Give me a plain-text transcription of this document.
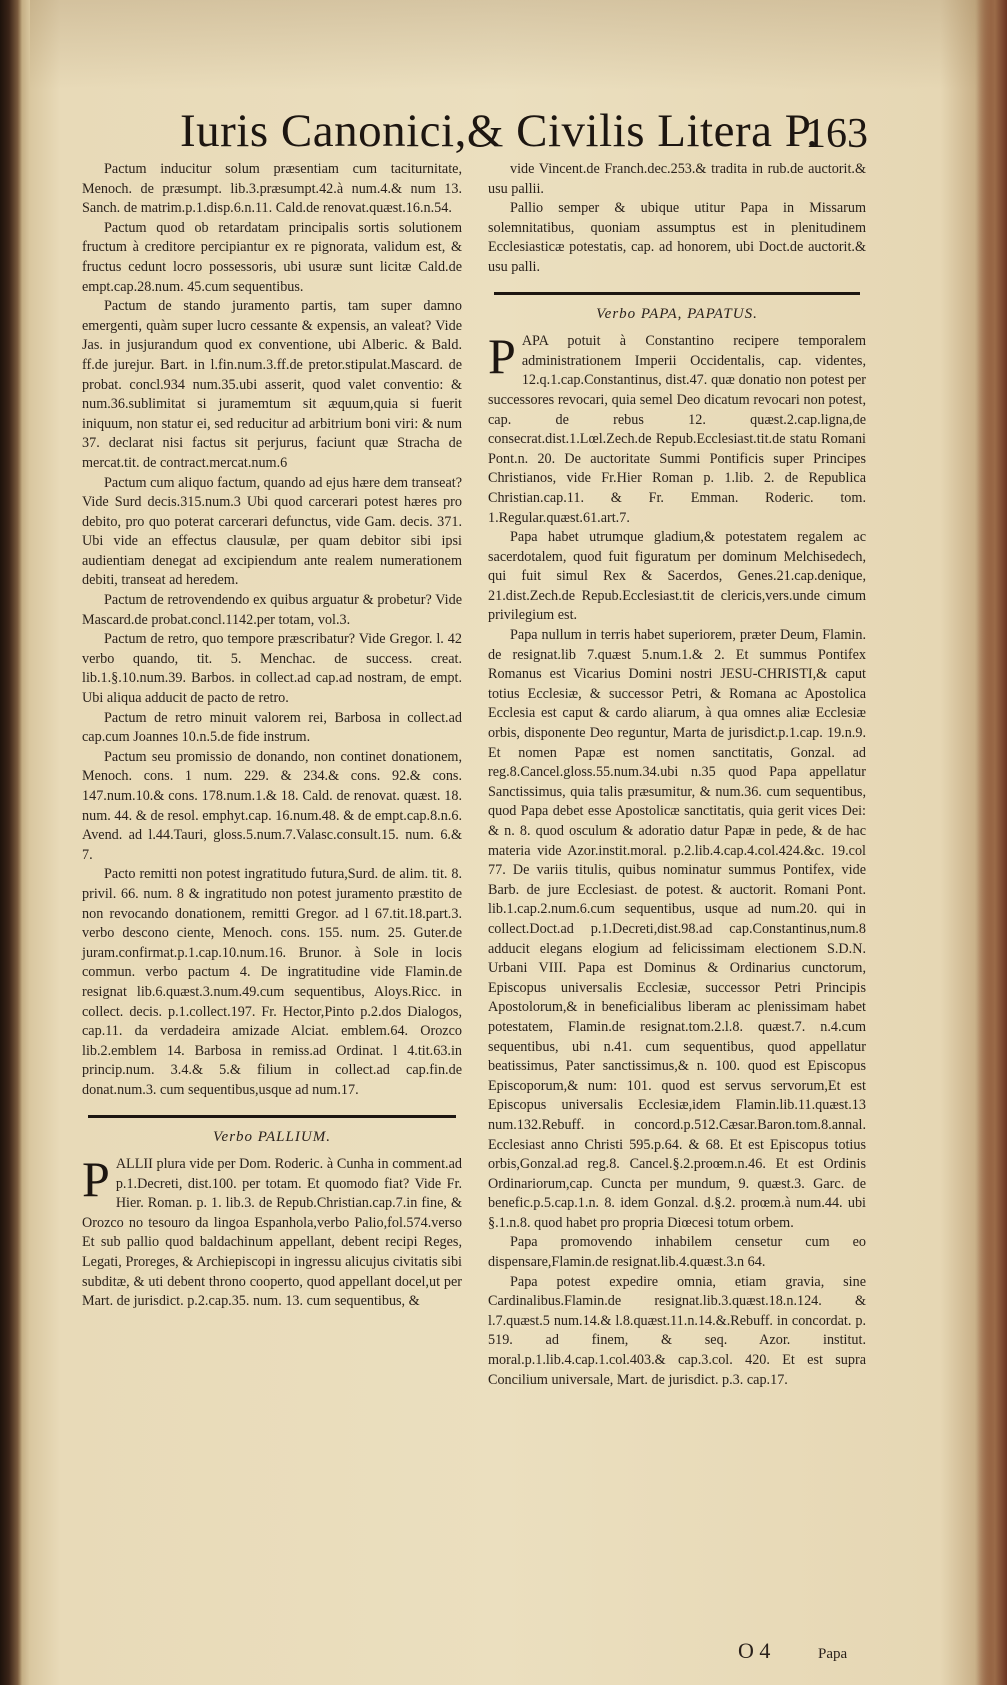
Iuris Canonici,& Civilis Litera P.
163

Pactum inducitur solum præsentiam cum taciturnitate, Menoch. de præsumpt. lib.3.præsumpt.42.à num.4.& num 13. Sanch. de matrim.p.1.disp.6.n.11. Cald.de renovat.quæst.16.n.54.

Pactum quod ob retardatam principalis sortis solutionem fructum à creditore percipiantur ex re pignorata, validum est, & fructus cedunt locro possessoris, ubi usuræ sunt licitæ Cald.de empt.cap.28.num. 45.cum sequentibus.

Pactum de stando juramento partis, tam super damno emergenti, quàm super lucro cessante & expensis, an valeat? Vide Jas. in jusjurandum quod ex conventione, ubi Alberic. & Bald. ff.de jurejur. Bart. in l.fin.num.3.ff.de pretor.stipulat.Mascard. de probat. concl.934 num.35.ubi asserit, quod valet conventio: & num.36.sublimitat si juramemtum sit æquum,quia si fuerit iniquum, non statur ei, sed reducitur ad arbitrium boni viri: & num 37. declarat nisi factus sit perjurus, faciunt quæ Stracha de mercat.tit. de contract.mercat.num.6

Pactum cum aliquo factum, quando ad ejus hære dem transeat? Vide Surd decis.315.num.3 Ubi quod carcerari potest hæres pro debito, pro quo poterat carcerari defunctus, vide Gam. decis. 371. Ubi vide an effectus clausulæ, per quam debitor sibi ipsi audientiam denegat ad excipiendum ante realem numerationem debiti, transeat ad heredem.

Pactum de retrovendendo ex quibus arguatur & probetur? Vide Mascard.de probat.concl.1142.per totam, vol.3.

Pactum de retro, quo tempore præscribatur? Vide Gregor. l. 42 verbo quando, tit. 5. Menchac. de success. creat. lib.1.§.10.num.39. Barbos. in collect.ad cap.ad nostram, de empt. Ubi aliqua adducit de pacto de retro.

Pactum de retro minuit valorem rei, Barbosa in collect.ad cap.cum Joannes 10.n.5.de fide instrum.

Pactum seu promissio de donando, non continet donationem, Menoch. cons. 1 num. 229. & 234.& cons. 92.& cons. 147.num.10.& cons. 178.num.1.& 18. Cald. de renovat. quæst. 18. num. 44. & de resol. emphyt.cap. 16.num.48. & de empt.cap.8.n.6. Avend. ad l.44.Tauri, gloss.5.num.7.Valasc.consult.15. num. 6.& 7.

Pacto remitti non potest ingratitudo futura,Surd. de alim. tit. 8. privil. 66. num. 8 & ingratitudo non potest juramento præstito de non revocando donationem, remitti Gregor. ad l 67.tit.18.part.3. verbo descono ciente, Menoch. cons. 155. num. 25. Guter.de juram.confirmat.p.1.cap.10.num.16. Brunor. à Sole in locis commun. verbo pactum 4. De ingratitudine vide Flamin.de resignat lib.6.quæst.3.num.49.cum sequentibus, Aloys.Ricc. in collect. decis. p.1.collect.197. Fr. Hector,Pinto p.2.dos Dialogos, cap.11. da verdadeira amizade Alciat. emblem.64. Orozco lib.2.emblem 14. Barbosa in remiss.ad Ordinat. l 4.tit.63.in princip.num. 3.4.& 5.& filium in collect.ad cap.fin.de donat.num.3. cum sequentibus,usque ad num.17.

Verbo PALLIUM.

PALLII plura vide per Dom. Roderic. à Cunha in comment.ad p.1.Decreti, dist.100. per totam. Et quomodo fiat? Vide Fr. Hier. Roman. p. 1. lib.3. de Repub.Christian.cap.7.in fine, & Orozco no tesouro da lingoa Espanhola,verbo Palio,fol.574.verso Et sub pallio quod baldachinum appellant, debent recipi Reges, Legati, Proreges, & Archiepiscopi in ingressu alicujus civitatis sibi subditæ, & uti debent throno cooperto, quod appellant docel,ut per Mart. de jurisdict. p.2.cap.35. num. 13. cum sequentibus, &

vide Vincent.de Franch.dec.253.& tradita in rub.de auctorit.& usu pallii.

Pallio semper & ubique utitur Papa in Missarum solemnitatibus, quoniam assumptus est in plenitudinem Ecclesiasticæ potestatis, cap. ad honorem, ubi Doct.de auctorit.& usu palli.

Verbo PAPA, PAPATUS.

PAPA potuit à Constantino recipere temporalem administrationem Imperii Occidentalis, cap. videntes, 12.q.1.cap.Constantinus, dist.47. quæ donatio non potest per successores revocari, quia semel Deo dicatum revocari non potest, cap. de rebus 12. quæst.2.cap.ligna,de consecrat.dist.1.Lœl.Zech.de Repub.Ecclesiast.tit.de statu Romani Pont.n. 20. De auctoritate Summi Pontificis super Principes Christianos, vide Fr.Hier Roman p. 1.lib. 2. de Republica Christian.cap.11. & Fr. Emman. Roderic. tom. 1.Regular.quæst.61.art.7.

Papa habet utrumque gladium,& potestatem regalem ac sacerdotalem, quod fuit figuratum per dominum Melchisedech, qui fuit simul Rex & Sacerdos, Genes.21.cap.denique, 21.dist.Zech.de Repub.Ecclesiast.tit de clericis,vers.unde cimum privilegium est.

Papa nullum in terris habet superiorem, præter Deum, Flamin. de resignat.lib 7.quæst 5.num.1.& 2. Et summus Pontifex Romanus est Vicarius Domini nostri JESU-CHRISTI,& caput totius Ecclesiæ, & successor Petri, & Romana ac Apostolica Ecclesia est caput & cardo aliarum, à qua omnes aliæ Ecclesiæ orbis, disponente Deo reguntur, Marta de jurisdict.p.1.cap. 19.n.9. Et nomen Papæ est nomen sanctitatis, Gonzal. ad reg.8.Cancel.gloss.55.num.34.ubi n.35 quod Papa appellatur Sanctissimus, quia talis præsumitur, & num.36. cum sequentibus, quod Papa debet esse Apostolicæ sanctitatis, quia gerit vices Dei: & n. 8. quod osculum & adoratio datur Papæ in pede, & de hac materia vide Azor.instit.moral. p.2.lib.4.cap.4.col.424.&c. 19.col 77. De variis titulis, quibus nominatur summus Pontifex, vide Barb. de jure Ecclesiast. de potest. & auctorit. Romani Pont. lib.1.cap.2.num.6.cum sequentibus, usque ad num.20. qui in collect.Doct.ad p.1.Decreti,dist.98.ad cap.Constantinus,num.8 adducit elegans elogium ad felicissimam electionem S.D.N. Urbani VIII. Papa est Dominus & Ordinarius cunctorum, Episcopus universalis Ecclesiæ, successor Petri Principis Apostolorum,& in beneficialibus liberam ac plenissimam habet potestatem, Flamin.de resignat.tom.2.l.8. quæst.7. n.4.cum sequentibus, ubi n.41. cum sequentibus, quod appellatur beatissimus, Pater sanctissimus,& n. 100. quod est Episcopus Episcoporum,& num: 101. quod est servus servorum,Et est Episcopus universalis Ecclesiæ,idem Flamin.lib.11.quæst.13 num.132.Rebuff. in concord.p.512.Cæsar.Baron.tom.8.annal. Ecclesiast anno Christi 595.p.64. & 68. Et est Episcopus totius orbis,Gonzal.ad reg.8. Cancel.§.2.proœm.n.46. Et est Ordinis Ordinariorum,cap. Cuncta per mundum, 9. quæst.3. Garc. de benefic.p.5.cap.1.n. 8. idem Gonzal. d.§.2. proœm.à num.44. ubi §.1.n.8. quod habet pro propria Diœcesi totum orbem.

Papa promovendo inhabilem censetur cum eo dispensare,Flamin.de resignat.lib.4.quæst.3.n 64.

Papa potest expedire omnia, etiam gravia, sine Cardinalibus.Flamin.de resignat.lib.3.quæst.18.n.124. & l.7.quæst.5 num.14.& l.8.quæst.11.n.14.&.Rebuff. in concordat. p. 519. ad finem, & seq. Azor. institut. moral.p.1.lib.4.cap.1.col.403.& cap.3.col. 420. Et est supra Concilium universale, Mart. de jurisdict. p.3. cap.17.

O 4	Papa
